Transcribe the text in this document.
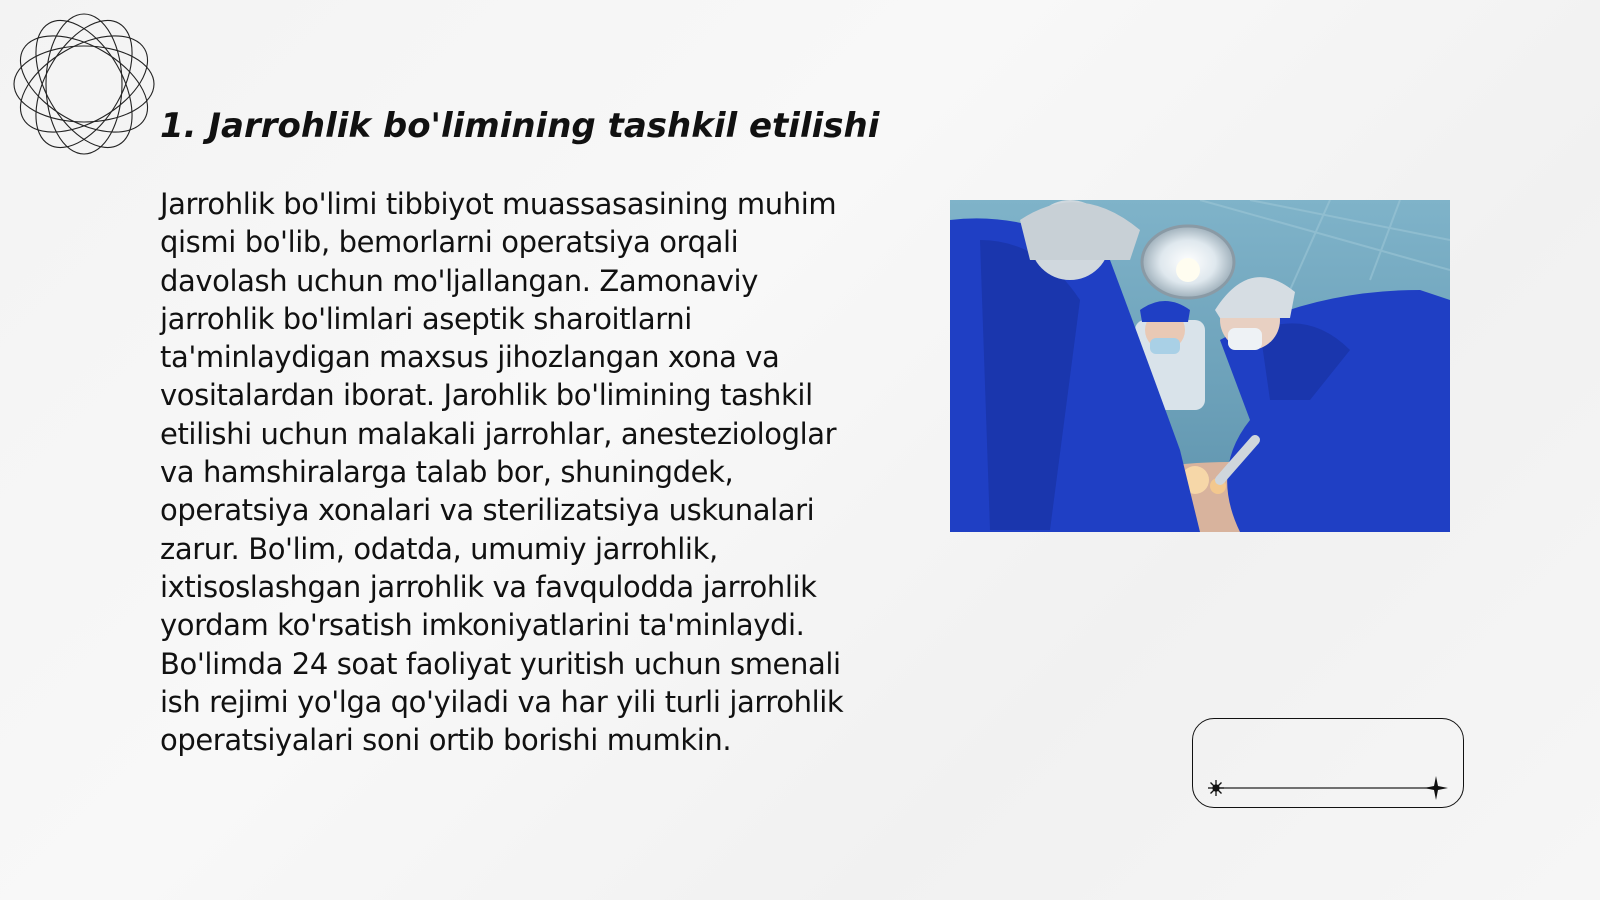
1. Jarrohlik bo'limining tashkil etilishi

Jarrohlik bo'limi tibbiyot muassasasining muhim qismi bo'lib, bemorlarni operatsiya orqali davolash uchun mo'ljallangan. Zamonaviy jarrohlik bo'limlari aseptik sharoitlarni ta'minlaydigan maxsus jihozlangan xona va vositalardan iborat. Jarohlik bo'limining tashkil etilishi uchun malakali jarrohlar, anesteziologlar va hamshiralarga talab bor, shuningdek, operatsiya xonalari va sterilizatsiya uskunalari zarur. Bo'lim, odatda, umumiy jarrohlik, ixtisoslashgan jarrohlik va favqulodda jarrohlik yordam ko'rsatish imkoniyatlarini ta'minlaydi. Bo'limda 24 soat faoliyat yuritish uchun smenali ish rejimi yo'lga qo'yiladi va har yili turli jarrohlik operatsiyalari soni ortib borishi mumkin.
